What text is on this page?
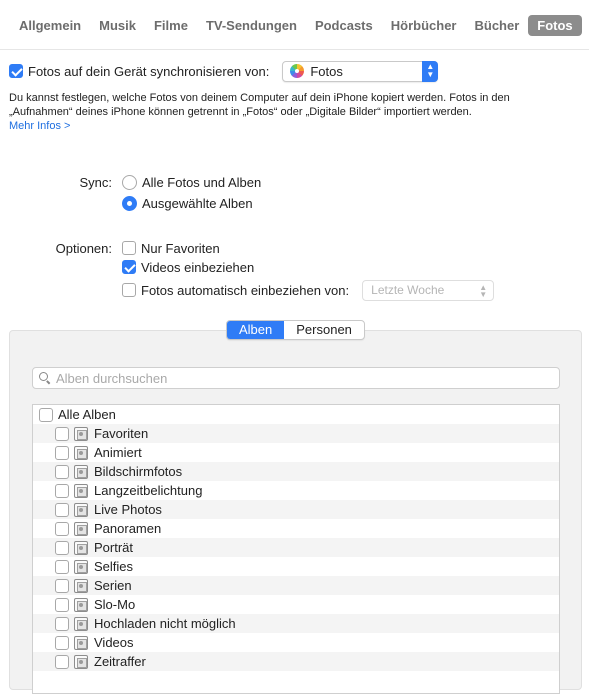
Allgemein	Musik	Filme	TV-Sendungen	Podcasts	Hörbücher	Bücher	Fotos
Fotos auf dein Gerät synchronisieren von:	Fotos	▲
▼
Du kannst festlegen, welche Fotos von deinem Computer auf dein iPhone kopiert werden. Fotos in den
„Aufnahmen“ deines iPhone können getrennt in „Fotos“ oder „Digitale Bilder“ importiert werden.
Mehr Infos >
Sync: Alle Fotos und Alben
Ausgewählte Alben
Optionen: Nur Favoriten
Videos einbeziehen
Fotos automatisch einbeziehen von: Letzte Woche	▲
▼
Alben	Personen
Alben durchsuchen
Alle Alben
Favoriten
Animiert
Bildschirmfotos
Langzeitbelichtung
Live Photos
Panoramen
Porträt
Selfies
Serien
Slo-Mo
Hochladen nicht möglich
Videos
Zeitraffer
